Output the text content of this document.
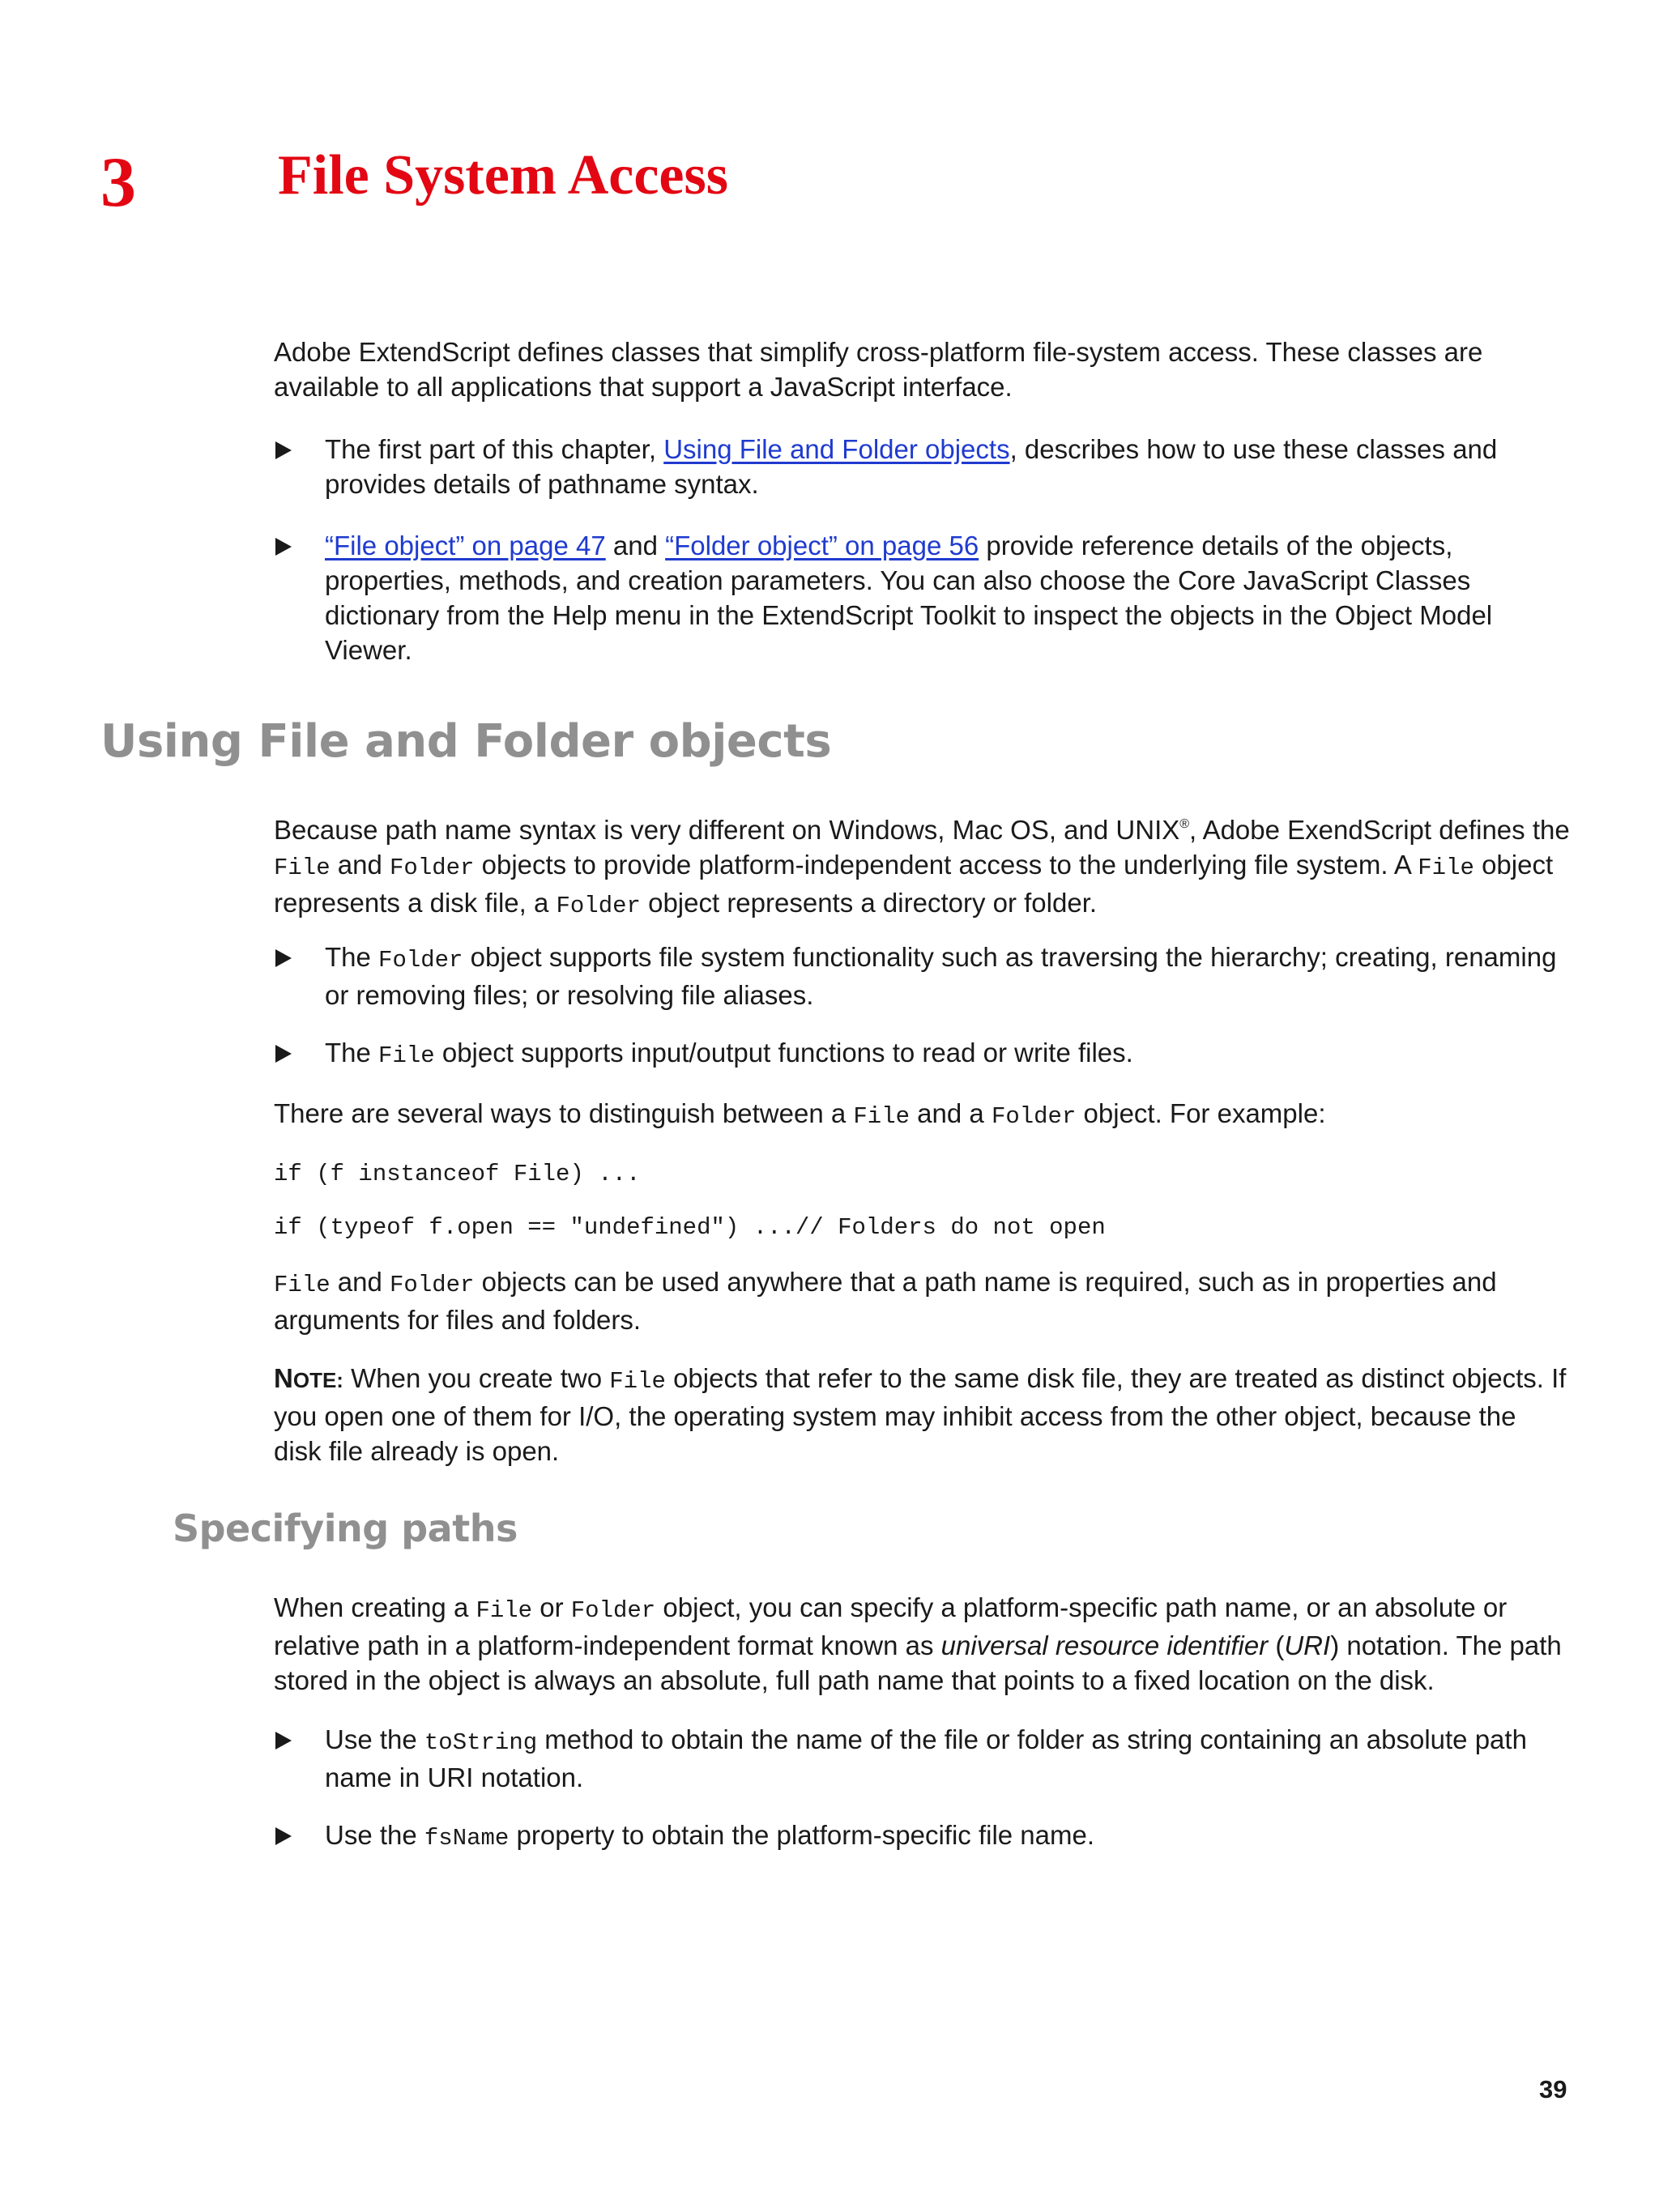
3	File System Access
Adobe ExtendScript defines classes that simplify cross-platform file-system access. These classes are available to all applications that support a JavaScript interface.
The first part of this chapter, Using File and Folder objects, describes how to use these classes and provides details of pathname syntax.
“File object” on page 47 and “Folder object” on page 56 provide reference details of the objects, properties, methods, and creation parameters. You can also choose the Core JavaScript Classes dictionary from the Help menu in the ExtendScript Toolkit to inspect the objects in the Object Model Viewer.
Using File and Folder objects
Because path name syntax is very different on Windows, Mac OS, and UNIX®, Adobe ExendScript defines the File and Folder objects to provide platform-independent access to the underlying file system. A File object represents a disk file, a Folder object represents a directory or folder.
The Folder object supports file system functionality such as traversing the hierarchy; creating, renaming or removing files; or resolving file aliases.
The File object supports input/output functions to read or write files.
There are several ways to distinguish between a File and a Folder object. For example:
if (f instanceof File) ...
if (typeof f.open == "undefined") ...// Folders do not open
File and Folder objects can be used anywhere that a path name is required, such as in properties and arguments for files and folders.
NOTE: When you create two File objects that refer to the same disk file, they are treated as distinct objects. If you open one of them for I/O, the operating system may inhibit access from the other object, because the disk file already is open.
Specifying paths
When creating a File or Folder object, you can specify a platform-specific path name, or an absolute or relative path in a platform-independent format known as universal resource identifier (URI) notation. The path stored in the object is always an absolute, full path name that points to a fixed location on the disk.
Use the toString method to obtain the name of the file or folder as string containing an absolute path name in URI notation.
Use the fsName property to obtain the platform-specific file name.
39
